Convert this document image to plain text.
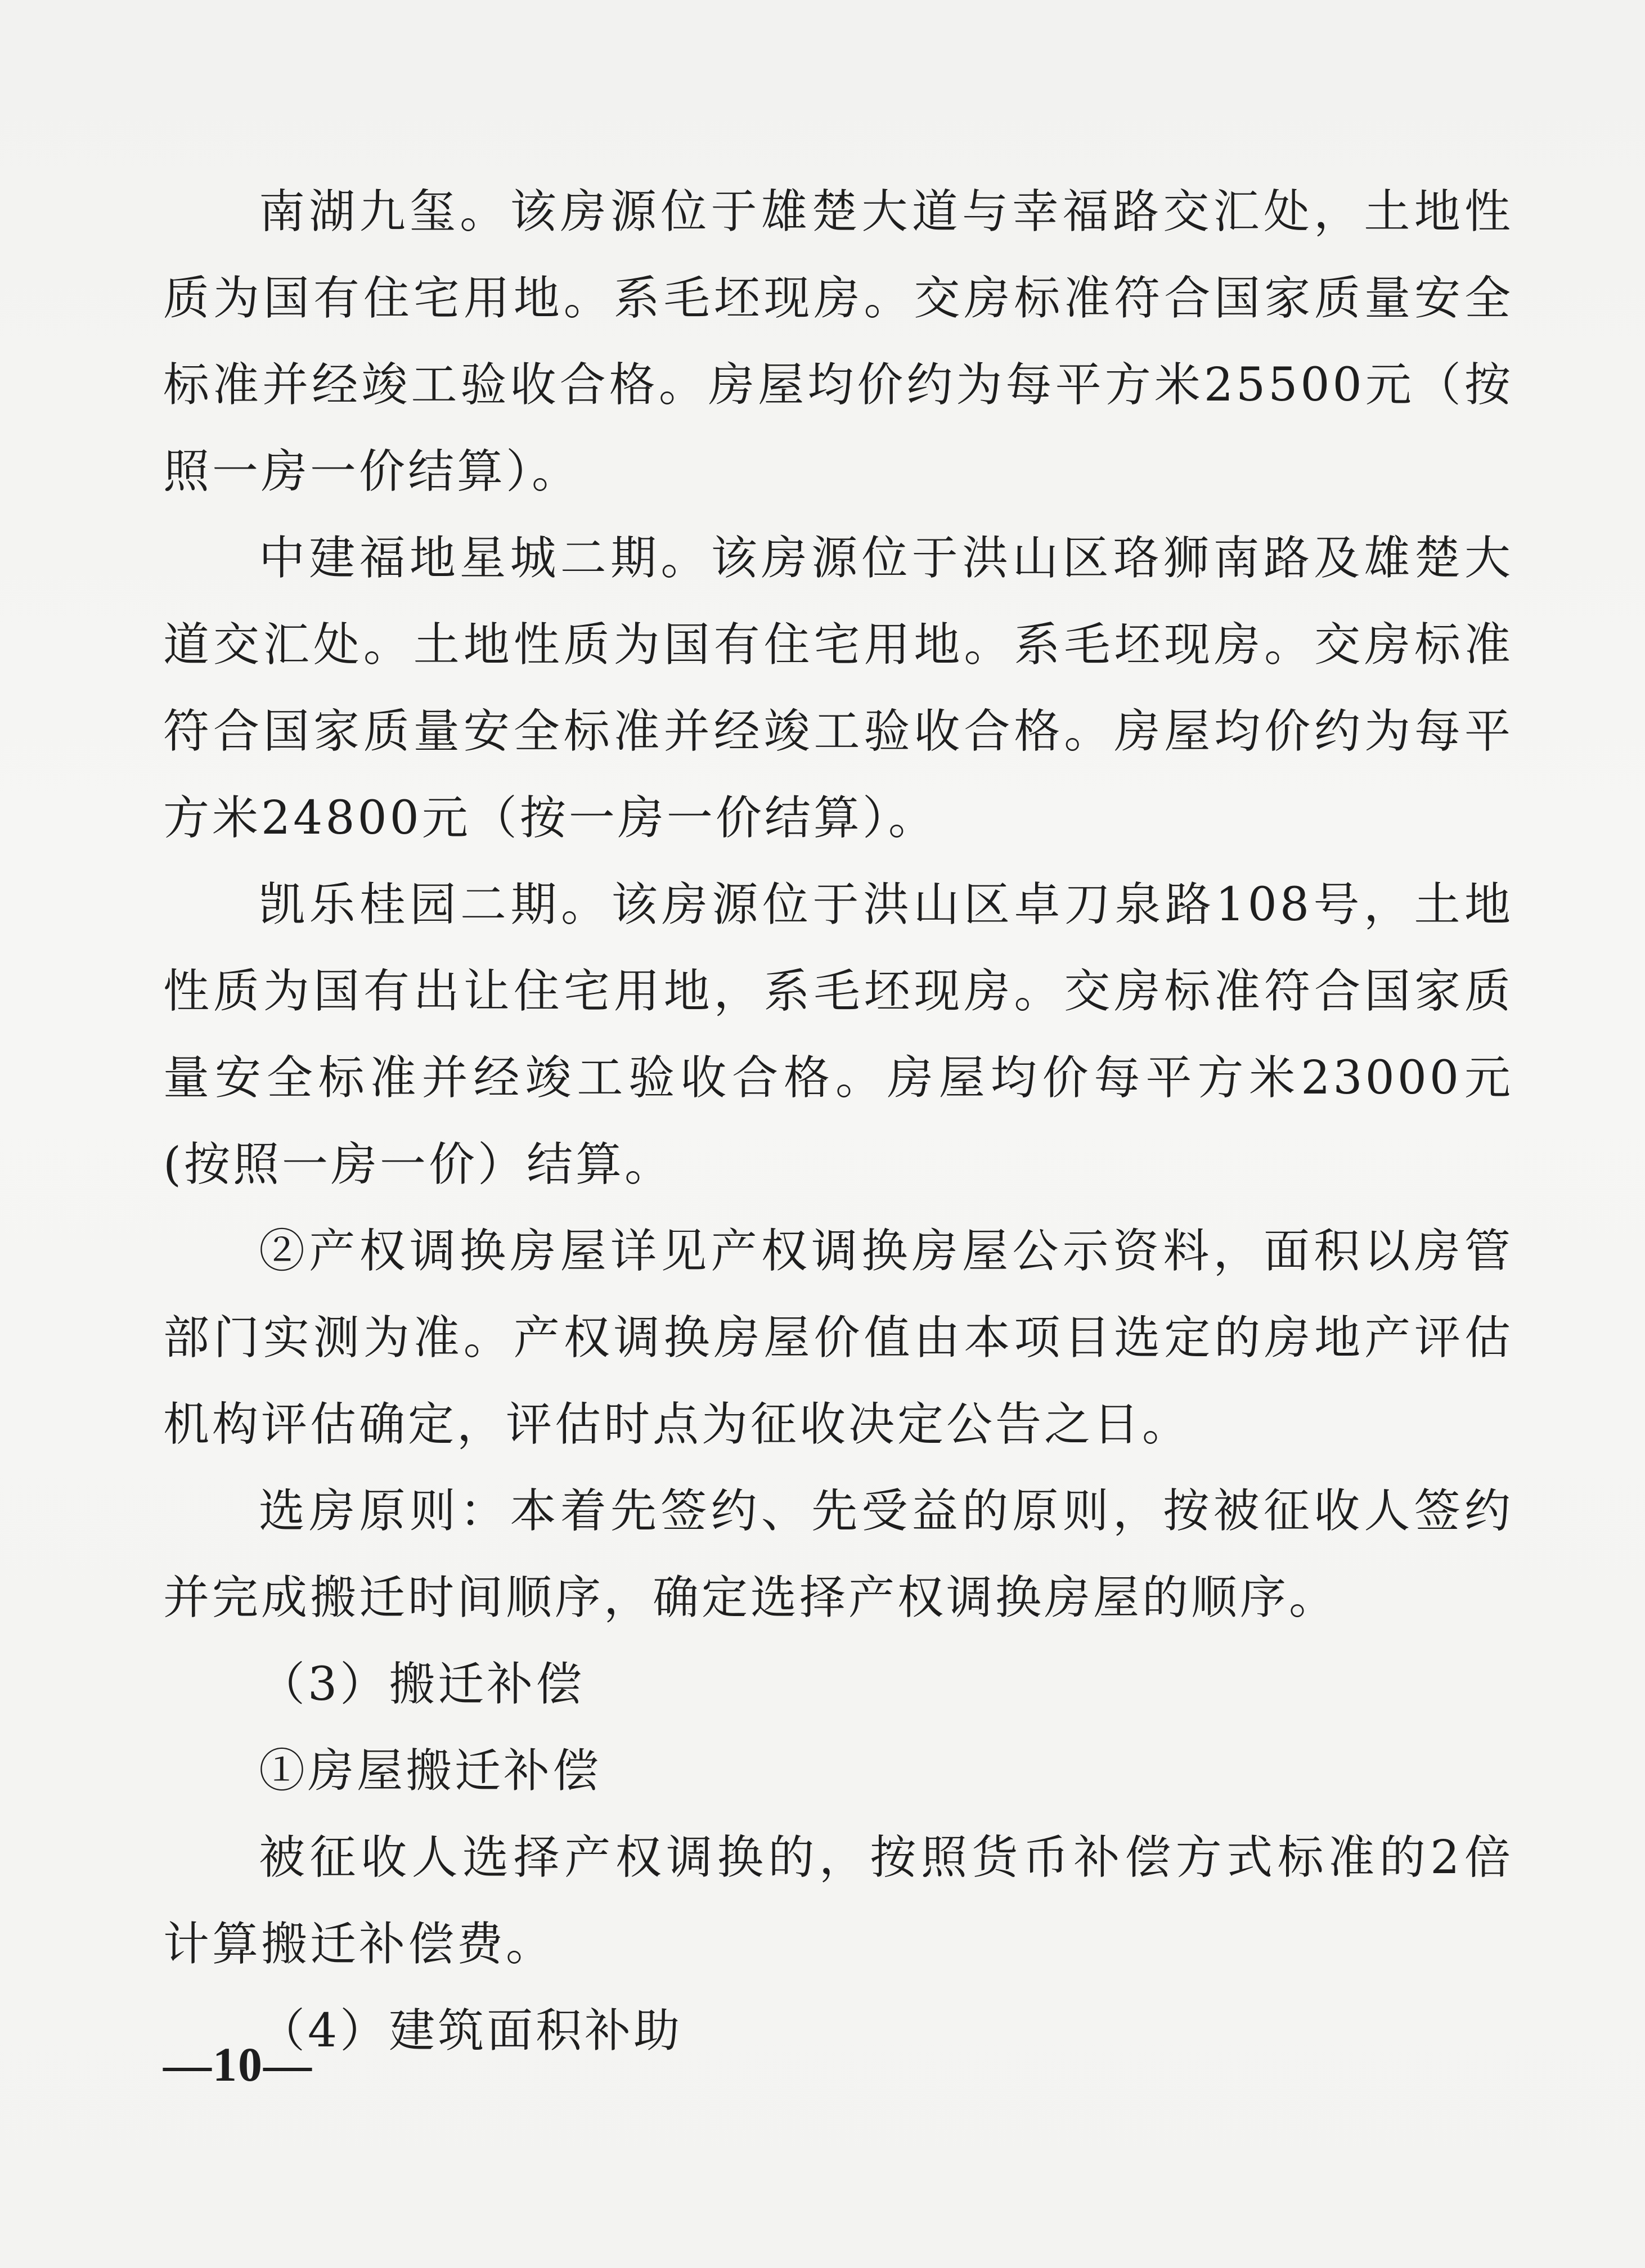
南湖九玺。该房源位于雄楚大道与幸福路交汇处，土地性质为国有住宅用地。系毛坯现房。交房标准符合国家质量安全标准并经竣工验收合格。房屋均价约为每平方米25500元（按照一房一价结算）。

中建福地星城二期。该房源位于洪山区珞狮南路及雄楚大道交汇处。土地性质为国有住宅用地。系毛坯现房。交房标准符合国家质量安全标准并经竣工验收合格。房屋均价约为每平方米24800元（按一房一价结算）。

凯乐桂园二期。该房源位于洪山区卓刀泉路108号，土地性质为国有出让住宅用地，系毛坯现房。交房标准符合国家质量安全标准并经竣工验收合格。房屋均价每平方米23000元(按照一房一价）结算。

②产权调换房屋详见产权调换房屋公示资料，面积以房管部门实测为准。产权调换房屋价值由本项目选定的房地产评估机构评估确定，评估时点为征收决定公告之日。

选房原则：本着先签约、先受益的原则，按被征收人签约并完成搬迁时间顺序，确定选择产权调换房屋的顺序。

（3）搬迁补偿

①房屋搬迁补偿

被征收人选择产权调换的，按照货币补偿方式标准的2倍计算搬迁补偿费。

（4）建筑面积补助

—10—
